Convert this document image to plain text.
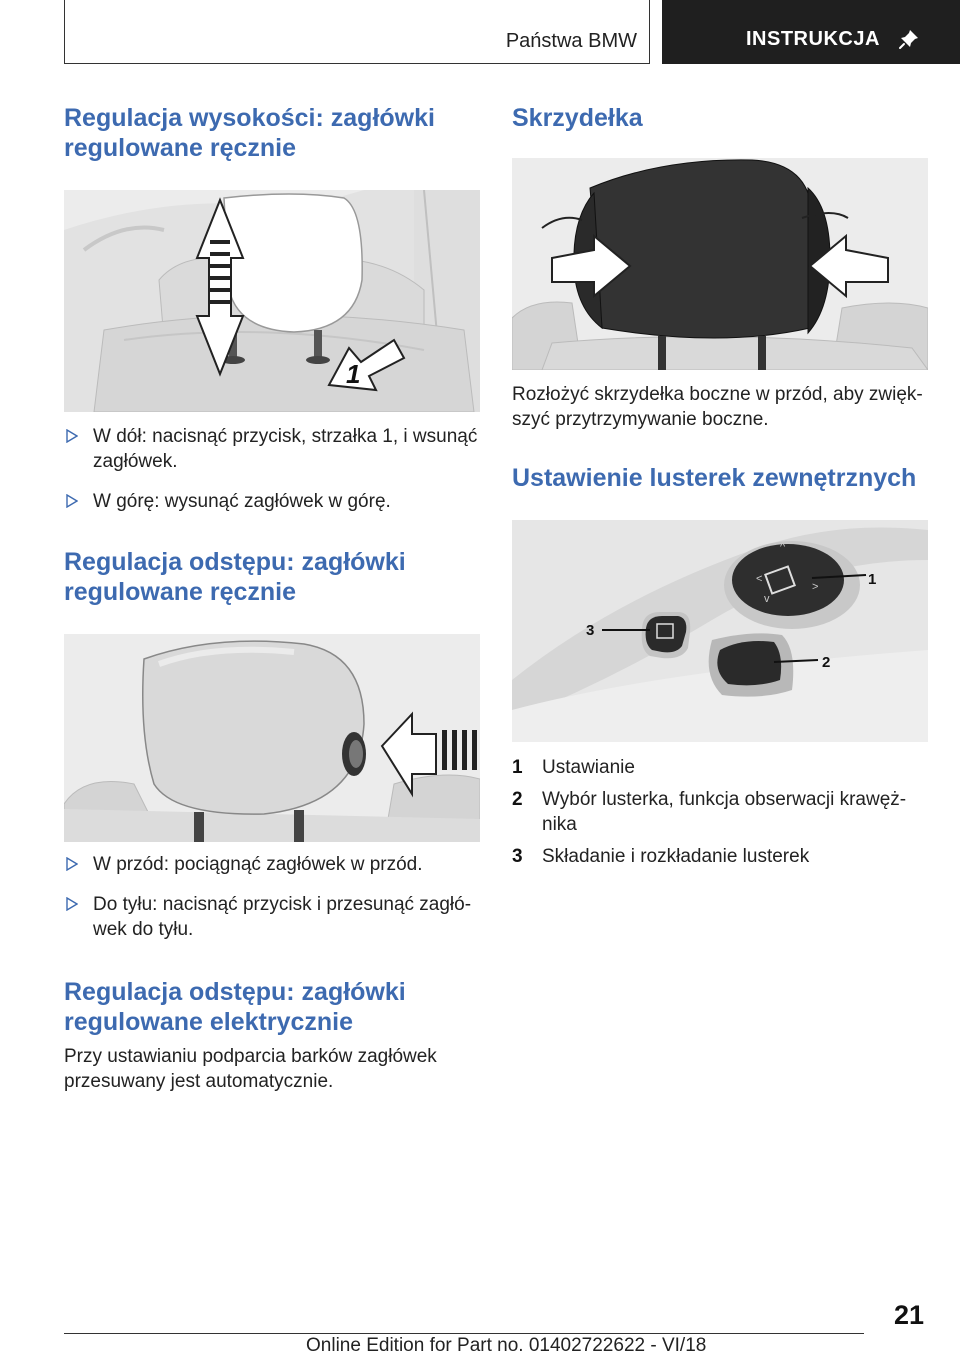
Państwa BMW	INSTRUKCJA
Regulacja wysokości: zagłówki regulowane ręcznie
1
W dół: nacisnąć przycisk, strzałka 1, i wsunąć zagłówek.
W górę: wysunąć zagłówek w górę.
Regulacja odstępu: zagłówki regulowane ręcznie
W przód: pociągnąć zagłówek w przód.
Do tyłu: nacisnąć przycisk i przesunąć zagłó-wek do tyłu.
Regulacja odstępu: zagłówki regulowane elektrycznie

Przy ustawianiu podparcia barków zagłówek przesuwany jest automatycznie.

Skrzydełka

Rozłożyć skrzydełka boczne w przód, aby zwięk-szyć przytrzymywanie boczne.

Ustawienie lusterek zewnętrznych
^
<
>
v
1
3
2
1 Ustawianie
2 Wybór lusterka, funkcja obserwacji krawęż-nika
3 Składanie i rozkładanie lusterek
21
Online Edition for Part no. 01402722622 - VI/18
